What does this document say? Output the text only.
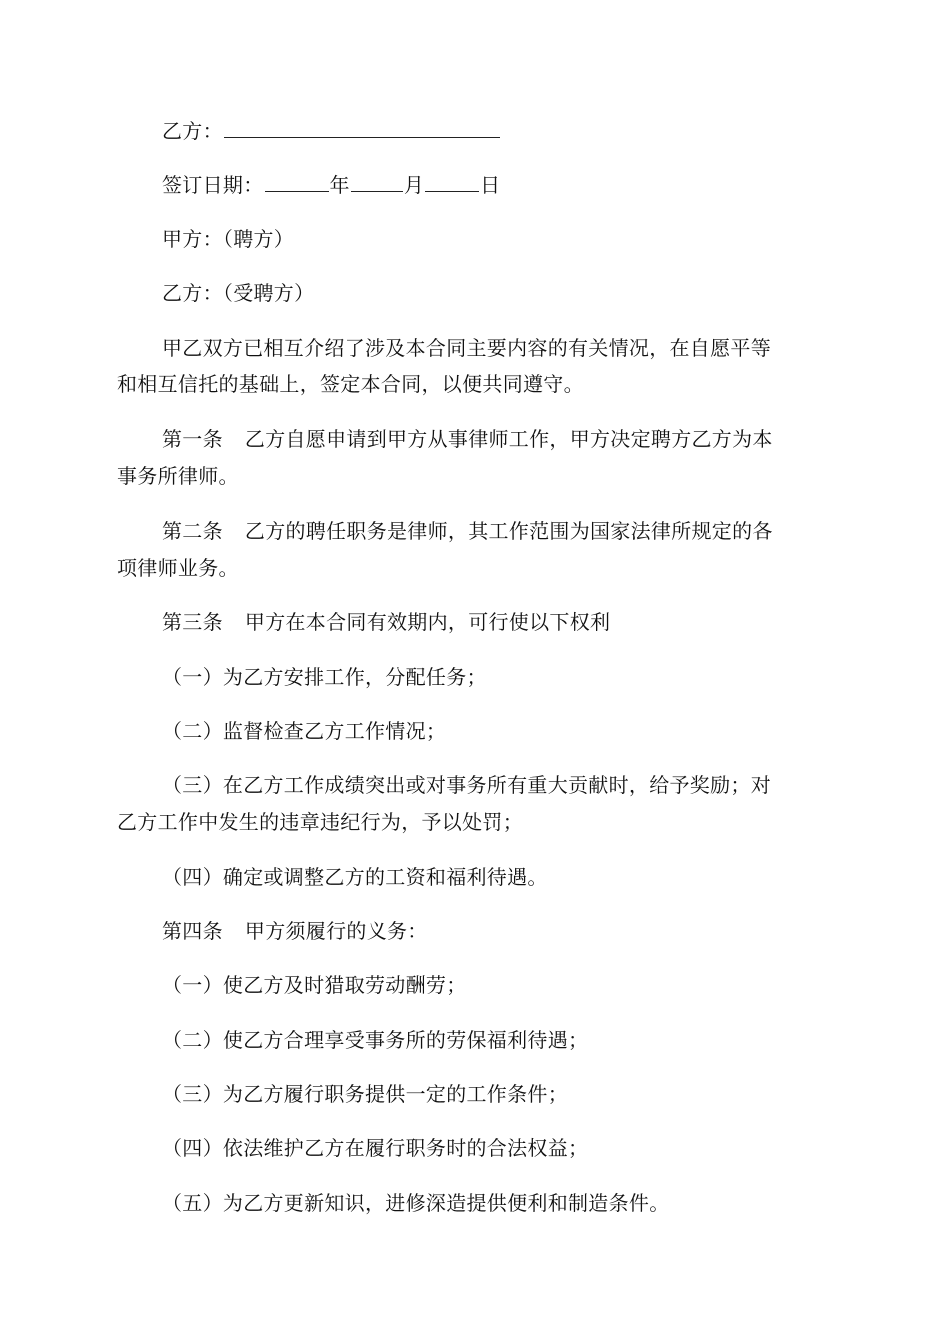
乙方：
签订日期：	年	月	日
甲方：（聘方）
乙方：（受聘方）
甲乙双方已相互介绍了涉及本合同主要内容的有关情况，在自愿平等
和相互信托的基础上，签定本合同，以便共同遵守。
第一条 乙方自愿申请到甲方从事律师工作，甲方决定聘方乙方为本
事务所律师。
第二条 乙方的聘任职务是律师，其工作范围为国家法律所规定的各
项律师业务。
第三条 甲方在本合同有效期内，可行使以下权利
（一）为乙方安排工作，分配任务；
（二）监督检查乙方工作情况；
（三）在乙方工作成绩突出或对事务所有重大贡献时，给予奖励；对
乙方工作中发生的违章违纪行为，予以处罚；
（四）确定或调整乙方的工资和福利待遇。
第四条 甲方须履行的义务：
（一）使乙方及时猎取劳动酬劳；
（二）使乙方合理享受事务所的劳保福利待遇；
（三）为乙方履行职务提供一定的工作条件；
（四）依法维护乙方在履行职务时的合法权益；
（五）为乙方更新知识，进修深造提供便利和制造条件。
